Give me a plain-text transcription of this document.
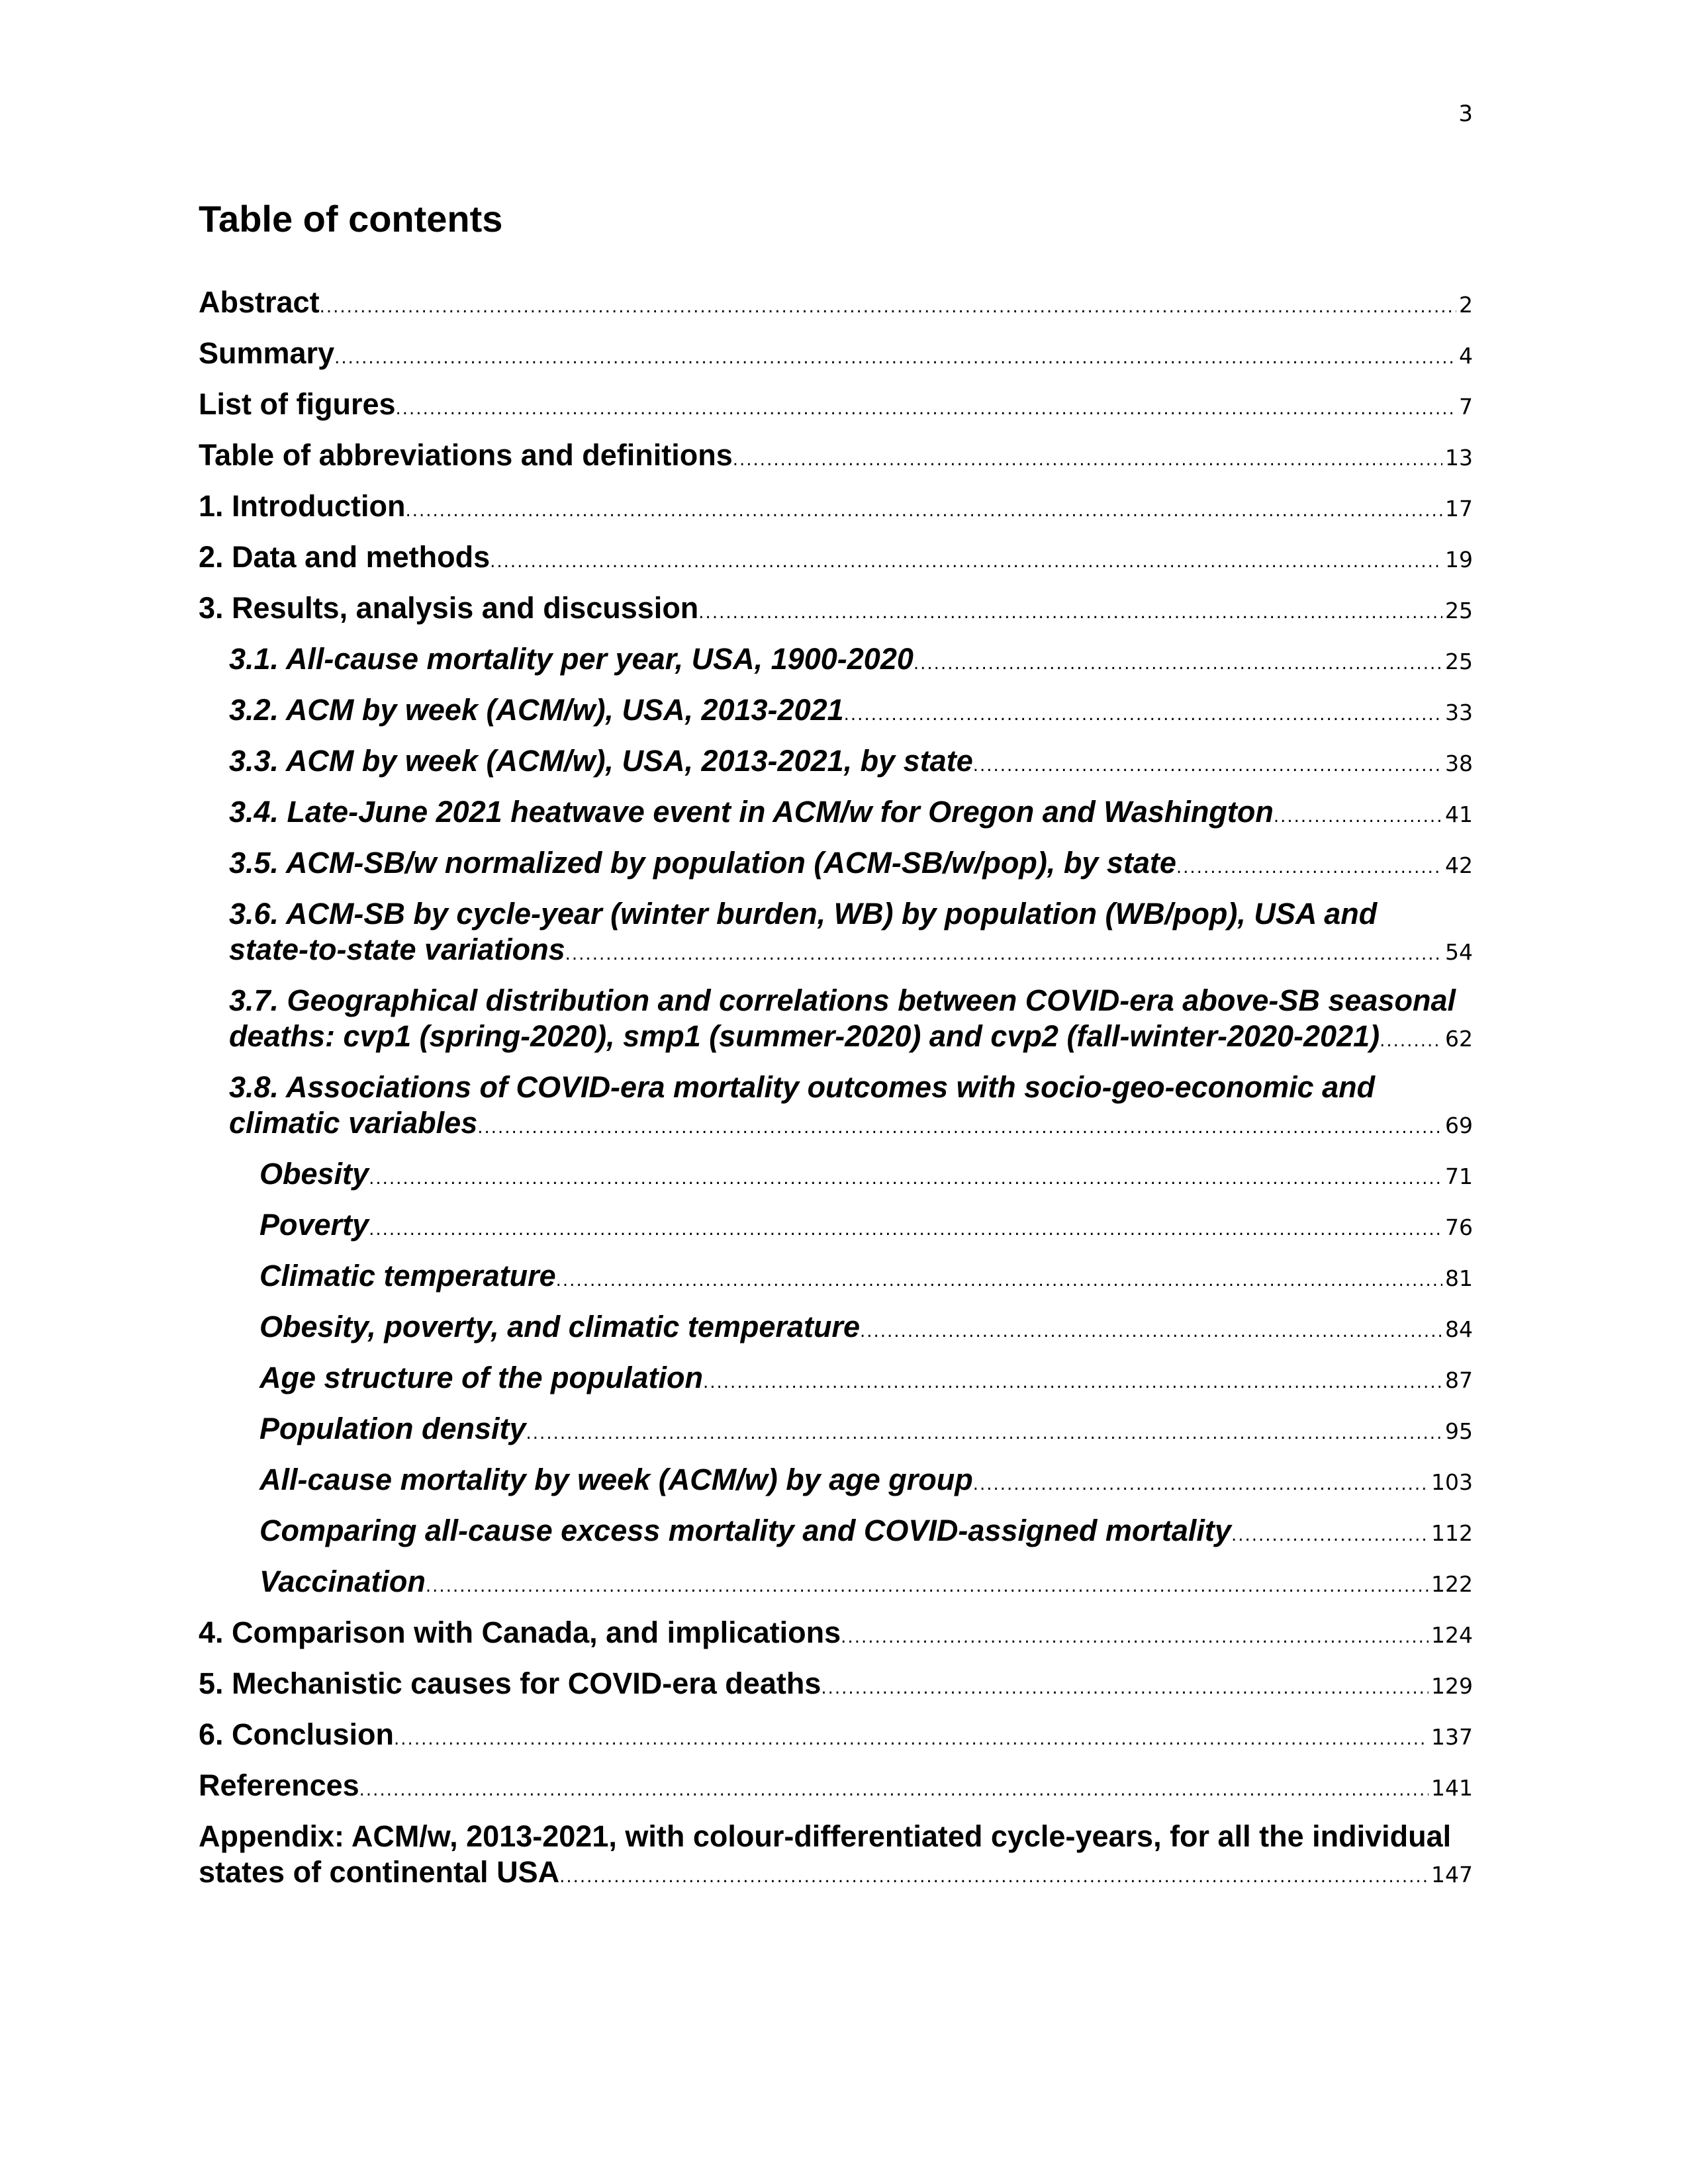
3
Table of contents
Abstract .....	2
Summary .....	4
List of figures .....	7
Table of abbreviations and definitions .....	13
1. Introduction .....	17
2. Data and methods .....	19
3. Results, analysis and discussion .....	25
3.1. All-cause mortality per year, USA, 1900-2020 .....	25
3.2. ACM by week (ACM/w), USA, 2013-2021 .....	33
3.3. ACM by week (ACM/w), USA, 2013-2021, by state .....	38
3.4. Late-June 2021 heatwave event in ACM/w for Oregon and Washington .....	41
3.5. ACM-SB/w normalized by population (ACM-SB/w/pop), by state .....	42
3.6. ACM-SB by cycle-year (winter burden, WB) by population (WB/pop), USA and
state-to-state variations .....	54
3.7. Geographical distribution and correlations between COVID-era above-SB seasonal
deaths: cvp1 (spring-2020), smp1 (summer-2020) and cvp2 (fall-winter-2020-2021) .....	62
3.8. Associations of COVID-era mortality outcomes with socio-geo-economic and
climatic variables .....	69
Obesity .....	71
Poverty .....	76
Climatic temperature .....	81
Obesity, poverty, and climatic temperature .....	84
Age structure of the population .....	87
Population density .....	95
All-cause mortality by week (ACM/w) by age group .....	103
Comparing all-cause excess mortality and COVID-assigned mortality .....	112
Vaccination .....	122
4. Comparison with Canada, and implications .....	124
5. Mechanistic causes for COVID-era deaths .....	129
6. Conclusion .....	137
References .....	141
Appendix: ACM/w, 2013-2021, with colour-differentiated cycle-years, for all the individual
states of continental USA .....	147
